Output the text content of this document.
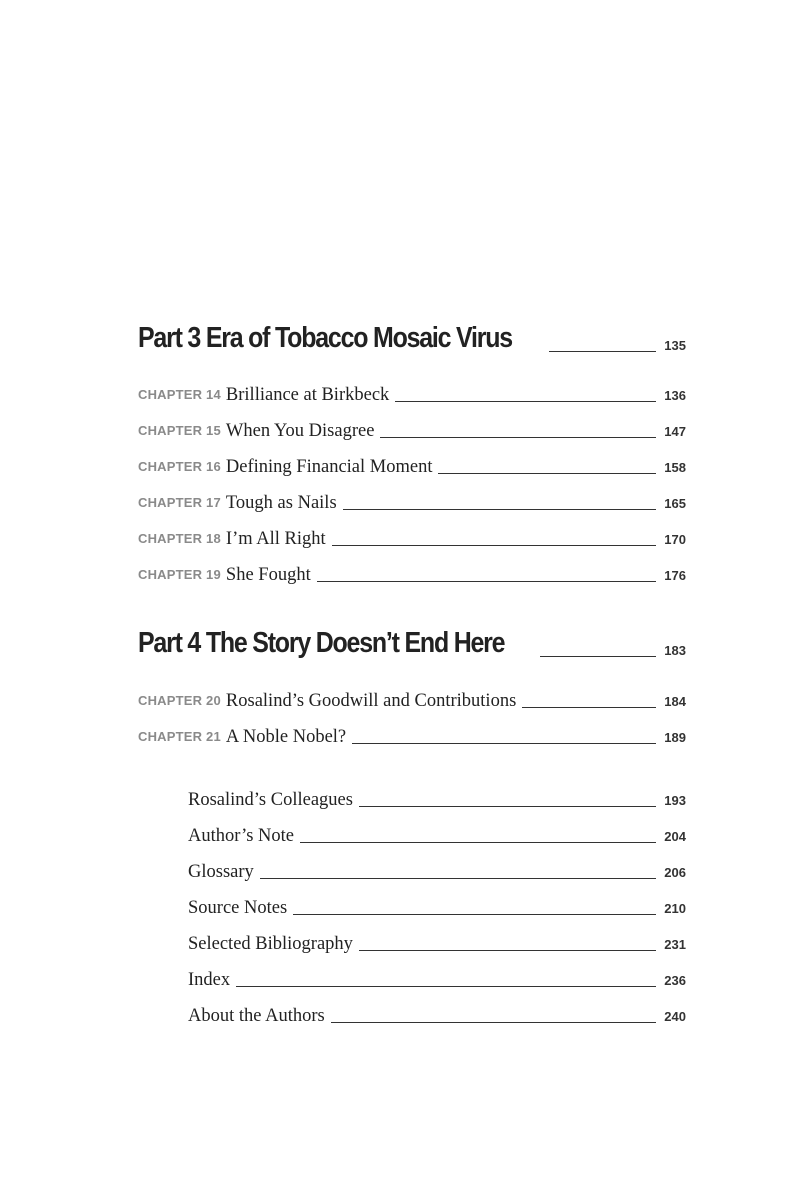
Part 3 Era of Tobacco Mosaic Virus	135
CHAPTER 14 Brilliance at Birkbeck	136
CHAPTER 15 When You Disagree	147
CHAPTER 16 Defining Financial Moment	158
CHAPTER 17 Tough as Nails	165
CHAPTER 18 I’m All Right	170
CHAPTER 19 She Fought	176
Part 4 The Story Doesn’t End Here	183
CHAPTER 20 Rosalind’s Goodwill and Contributions	184
CHAPTER 21 A Noble Nobel?	189
Rosalind’s Colleagues	193
Author’s Note	204
Glossary	206
Source Notes	210
Selected Bibliography	231
Index	236
About the Authors	240
